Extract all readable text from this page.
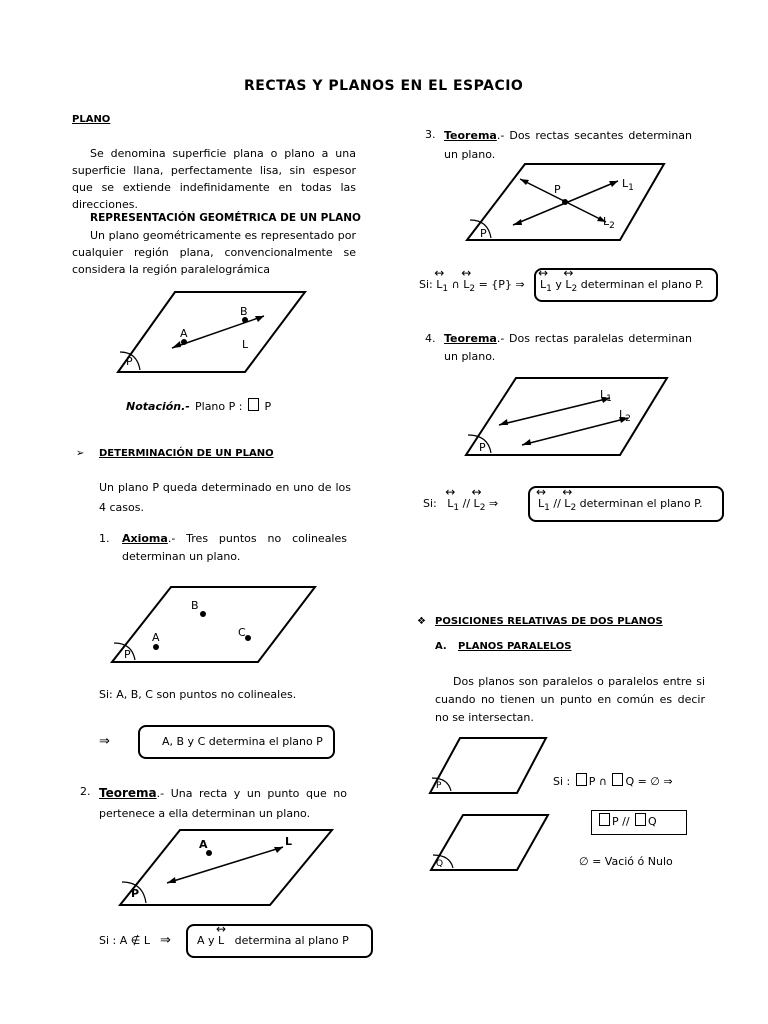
RECTAS Y PLANOS EN EL ESPACIO
PLANO
Se denomina superficie plana o plano a una superficie llana, perfectamente lisa, sin espesor que se extiende indefinidamente en todas las direcciones.
REPRESENTACIÓN GEOMÉTRICA DE UN PLANO
Un plano geométricamente es representado por cualquier región plana, convencionalmente se considera la región paralelográmica
B
A
L
P
Notación.- Plano P : P
➢ DETERMINACIÓN DE UN PLANO
Un plano P queda determinado en uno de los 4 casos.
1. Axioma.- Tres puntos no colineales determinan un plano.
B
C
A
P
Si: A, B, C son puntos no colineales.
⇒	A, B y C determina el plano P
2. Teorema.- Una recta y un punto que no pertenece a ella determinan un plano.
A	L
P
Si : A ∉ L ⇒ A y ↔ L determina al plano P
3. Teorema.- Dos rectas secantes determinan un plano.
P	$L_1$
$L_2$
P
Si: ↔ $L_1$ ∩ ↔ $L_2 = \{P\}$ ⇒ ↔ $L_1$ y ↔ $L_2$ determinan el plano P.
4. Teorema.- Dos rectas paralelas determinan un plano.
$L_1$
$L_2$
P
Si: ↔ $L_1$ // ↔ $L_2$ ⇒	↔ $L_1$ // ↔ $L_2$ determinan el plano P.
❖ POSICIONES RELATIVAS DE DOS PLANOS
A. PLANOS PARALELOS
Dos planos son paralelos o paralelos entre si cuando no tienen un punto en común es decir no se intersectan.
P
Q
Si : P ∩ Q = ∅ ⇒
P // Q
∅ = Vació ó Nulo
